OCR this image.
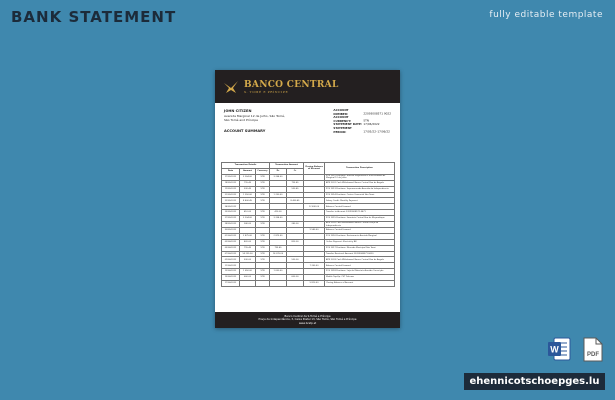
BANK STATEMENT	fully editable template
BANCO CENTRAL
S. TOMÉ E PRÍNCIPE
JOHN CITIZEN
Avenida Marginal 12 de Julho, São Tomé,
São Tomé and Príncipe
ACCOUNT NUMBER:	22093008571 9022
ACCOUNT CURRENCY:	STN
STATEMENT DATE:17/06/2022
STATEMENT PERIOD:	17/05/22–17/06/22
ACCOUNT SUMMARY
Transaction Details			Transaction Amount		Closing Balance of Account	Transaction Description
Date	Amount	Currency	Dr	Cr		
17/05/2022	3 264.00	STN	3 264.00			POS 2012 Purchase, Nuclear Engenharia e Electricidade Av. Marginal 12 de Julho
18/05/2022	795.45	STN		795.45		ATM 2201 Cash Withdrawal, Banco Central Rua de Angola
19/05/2022	530.45	STN		530.45		POS 2013 Purchase, Supermercado Avenida da Independência
21/05/2022	1 250.00	STN	1 250.00			POS 2014 Purchase, Centro Comercial São Tomé
22/05/2022	8 400.45	STN		8 400.45		Salary Credit, Monthly Payment
24/05/2022					12 430.00	Balance Carried Forward
25/05/2022	410.00	STN	410.00			Transfer to Account 22093008571 4471
27/05/2022	3 204.00	STN	3 204.00			POS 2015 Purchase, Farmácia Central Rua de Moçambique
28/05/2022	240.00	STN		240.00		ATM 2202 Cash Withdrawal, Banco Central Praça da Independência
30/05/2022					9 540.00	Balance Carried Forward
01/06/2022	2 875.00	STN	2 875.00			POS 2016 Purchase, Restaurante Avenida Marginal
03/06/2022	820.00	STN		820.00		Online Payment, Electricity Bill
05/06/2022	795.45	STN	795.45			POS 2017 Purchase, Mercado Municipal São Tomé
07/06/2022	14 225.00	STN	14 225.00			Transfer Received, Account 22093008571 6620
09/06/2022	530.00	STN		530.00		ATM 2203 Cash Withdrawal, Banco Central Rua de Angola
11/06/2022					7 260.00	Balance Carried Forward
13/06/2022	1 650.00	STN	1 650.00			POS 2018 Purchase, Loja de Materiais Avenida Conceição
15/06/2022	600.00	STN		600.00		Mobile Top-Up, CST Telecom
17/06/2022					5 810.00	Closing Balance of Account
Banco Central de S.Tomé e Príncipe
Praça da Independência, 3, Caixa Postal 13, São Tomé, São Tomé e Príncipe
www.bcstp.st
W
PDF
ehennicotschoepges.lu
